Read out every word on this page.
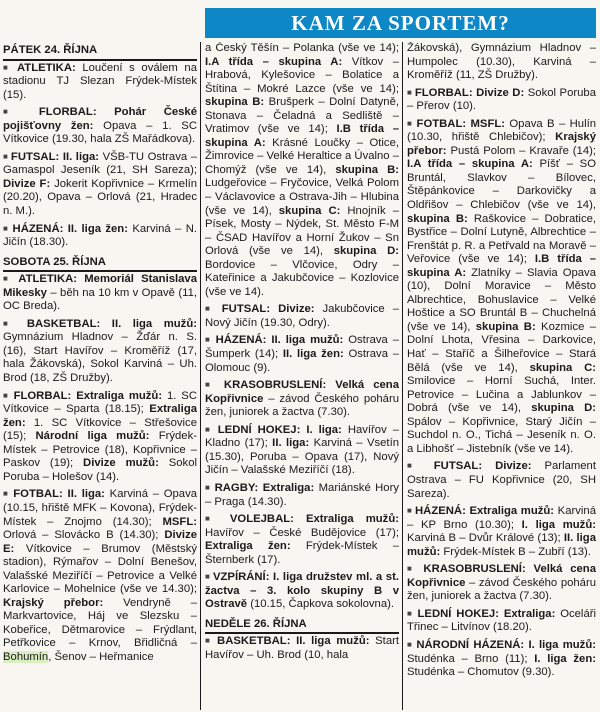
KAM ZA SPORTEM?
PÁTEK 24. ŘÍJNA
■ ATLETIKA: Loučení s oválem na stadionu TJ Slezan Frýdek-Místek (15).
■ FLORBAL: Pohár České pojišťovny žen: Opava – 1. SC Vítkovice (19.30, hala ZŠ Mařádkova).
■ FUTSAL: II. liga: VŠB-TU Ostrava – Gamaspol Jeseník (21, SH Sareza); Divize F: Jokerit Kopřivnice – Krmelín (20.20), Opava – Orlová (21, Hradec n. M.).
■ HÁZENÁ: II. liga žen: Karviná – N. Jičín (18.30).
SOBOTA 25. ŘÍJNA
■ ATLETIKA: Memoriál Stanislava Mikesky – běh na 10 km v Opavě (11, OC Breda).
■ BASKETBAL: II. liga mužů: Gymnázium Hladnov – Žďár n. S. (16), Start Havířov – Kroměříž (17, hala Žákovská), Sokol Karviná – Uh. Brod (18, ZŠ Družby).
■ FLORBAL: Extraliga mužů: 1. SC Vítkovice – Sparta (18.15); Extraliga žen: 1. SC Vítkovice – Střešovice (15); Národní liga mužů: Frýdek-Místek – Petrovice (18), Kopřivnice – Paskov (19); Divize mužů: Sokol Poruba – Holešov (14).
■ FOTBAL: II. liga: Karviná – Opava (10.15, hřiště MFK – Kovona), Frýdek-Místek – Znojmo (14.30); MSFL: Orlová – Slovácko B (14.30); Divize E: Vítkovice – Brumov (Městský stadion), Rýmařov – Dolní Benešov, Valašské Meziříčí – Petrovice a Velké Karlovice – Mohelnice (vše ve 14.30); Krajský přebor: Vendryně – Markvartovice, Háj ve Slezsku – Kobeřice, Dětmarovice – Frýdlant, Petřkovice – Krnov, Břidličná – Bohumín, Šenov – Heřmanice
a Český Těšín – Polanka (vše ve 14); I.A třída – skupina A: Vítkov – Hrabová, Kylešovice – Bolatice a Štítina – Mokré Lazce (vše ve 14); skupina B: Brušperk – Dolní Datyně, Stonava – Čeladná a Sedliště – Vratimov (vše ve 14); I.B třída – skupina A: Krásné Loučky – Otice, Žimrovice – Velké Heraltice a Úvalno – Chomýž (vše ve 14), skupina B: Ludgeřovice – Fryčovice, Velká Polom – Václavovice a Ostrava-Jih – Hlubina (vše ve 14), skupina C: Hnojník – Písek, Mosty – Nýdek, St. Město F-M – ČSAD Havířov a Horní Žukov – Sn Orlová (vše ve 14), skupina D: Bordovice – Vlčovice, Odry – Kateřinice a Jakubčovice – Kozlovice (vše ve 14).
■ FUTSAL: Divize: Jakubčovice – Nový Jičín (19.30, Odry).
■ HÁZENÁ: II. liga mužů: Ostrava – Šumperk (14); II. liga žen: Ostrava – Olomouc (9).
■ KRASOBRUSLENÍ: Velká cena Kopřivnice – závod Českého poháru žen, juniorek a žactva (7.30).
■ LEDNÍ HOKEJ: I. liga: Havířov – Kladno (17); II. liga: Karviná – Vsetín (15.30), Poruba – Opava (17), Nový Jičín – Valašské Meziříčí (18).
■ RAGBY: Extraliga: Mariánské Hory – Praga (14.30).
■ VOLEJBAL: Extraliga mužů: Havířov – České Budějovice (17); Extraliga žen: Frýdek-Místek – Šternberk (17).
■ VZPÍRÁNÍ: I. liga družstev ml. a st. žactva – 3. kolo skupiny B v Ostravě (10.15, Čapkova sokolovna).
NEDĚLE 26. ŘÍJNA
■ BASKETBAL: II. liga mužů: Start Havířov – Uh. Brod (10, hala
Žákovská), Gymnázium Hladnov – Humpolec (10.30), Karviná – Kroměříž (11, ZŠ Družby).
■ FLORBAL: Divize D: Sokol Poruba – Přerov (10).
■ FOTBAL: MSFL: Opava B – Hulín (10.30, hřiště Chlebičov); Krajský přebor: Pustá Polom – Kravaře (14); I.A třída – skupina A: Píšť – SO Bruntál, Slavkov – Bílovec, Štěpánkovice – Darkovičky a Oldřišov – Chlebičov (vše ve 14), skupina B: Raškovice – Dobratice, Bystřice – Dolní Lutyně, Albrechtice – Frenštát p. R. a Petřvald na Moravě – Veřovice (vše ve 14); I.B třída – skupina A: Zlatníky – Slavia Opava (10), Dolní Moravice – Město Albrechtice, Bohuslavice – Velké Hoštice a SO Bruntál B – Chuchelná (vše ve 14), skupina B: Kozmice – Dolní Lhota, Vřesina – Darkovice, Hať – Staříč a Šilheřovice – Stará Bělá (vše ve 14), skupina C: Smilovice – Horní Suchá, Inter. Petrovice – Lučina a Jablunkov – Dobrá (vše ve 14), skupina D: Spálov – Kopřivnice, Starý Jičín – Suchdol n. O., Tichá – Jeseník n. O. a Libhošť – Jistebník (vše ve 14).
■ FUTSAL: Divize: Parlament Ostrava – FU Kopřivnice (20, SH Sareza).
■ HÁZENÁ: Extraliga mužů: Karviná – KP Brno (10.30); I. liga mužů: Karviná B – Dvůr Králové (13); II. liga mužů: Frýdek-Místek B – Zubří (13).
■ KRASOBRUSLENÍ: Velká cena Kopřivnice – závod Českého poháru žen, juniorek a žactva (7.30).
■ LEDNÍ HOKEJ: Extraliga: Oceláři Třinec – Litvínov (18.20).
■ NÁRODNÍ HÁZENÁ: I. liga mužů: Studénka – Brno (11); I. liga žen: Studénka – Chomutov (9.30).
